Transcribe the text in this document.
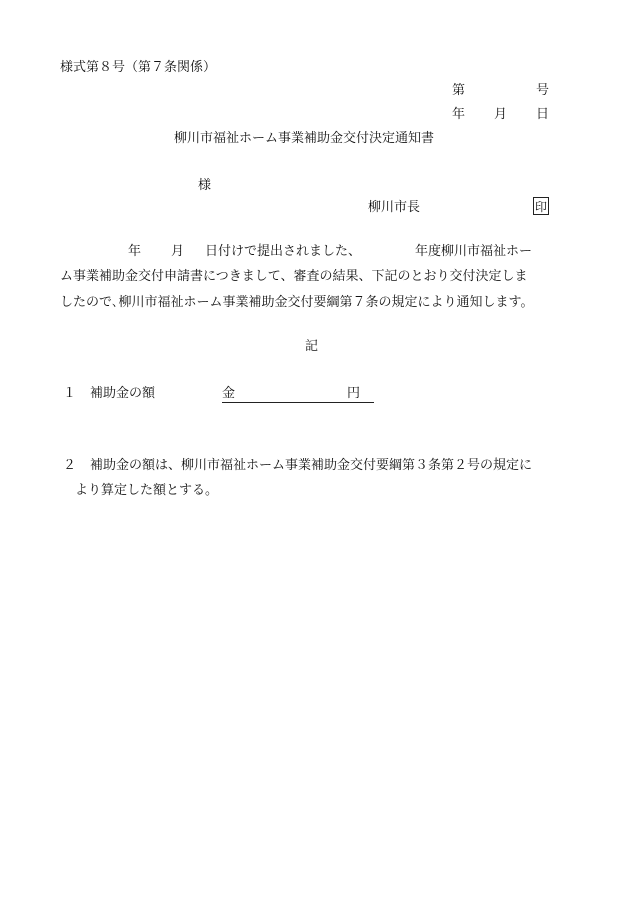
様式第８号（第７条関係）
第	号
年 月 日
柳川市福祉ホーム事業補助金交付決定通知書
様
柳川市長	印
年 月 日付けで提出されました、	年度柳川市福祉ホー
ム事業補助金交付申請書につきまして、審査の結果、下記のとおり交付決定しま
したので､柳川市福祉ホーム事業補助金交付要綱第７条の規定により通知します。
記
１ 補助金の額	金	円
２ 補助金の額は、柳川市福祉ホーム事業補助金交付要綱第３条第２号の規定に
より算定した額とする。
